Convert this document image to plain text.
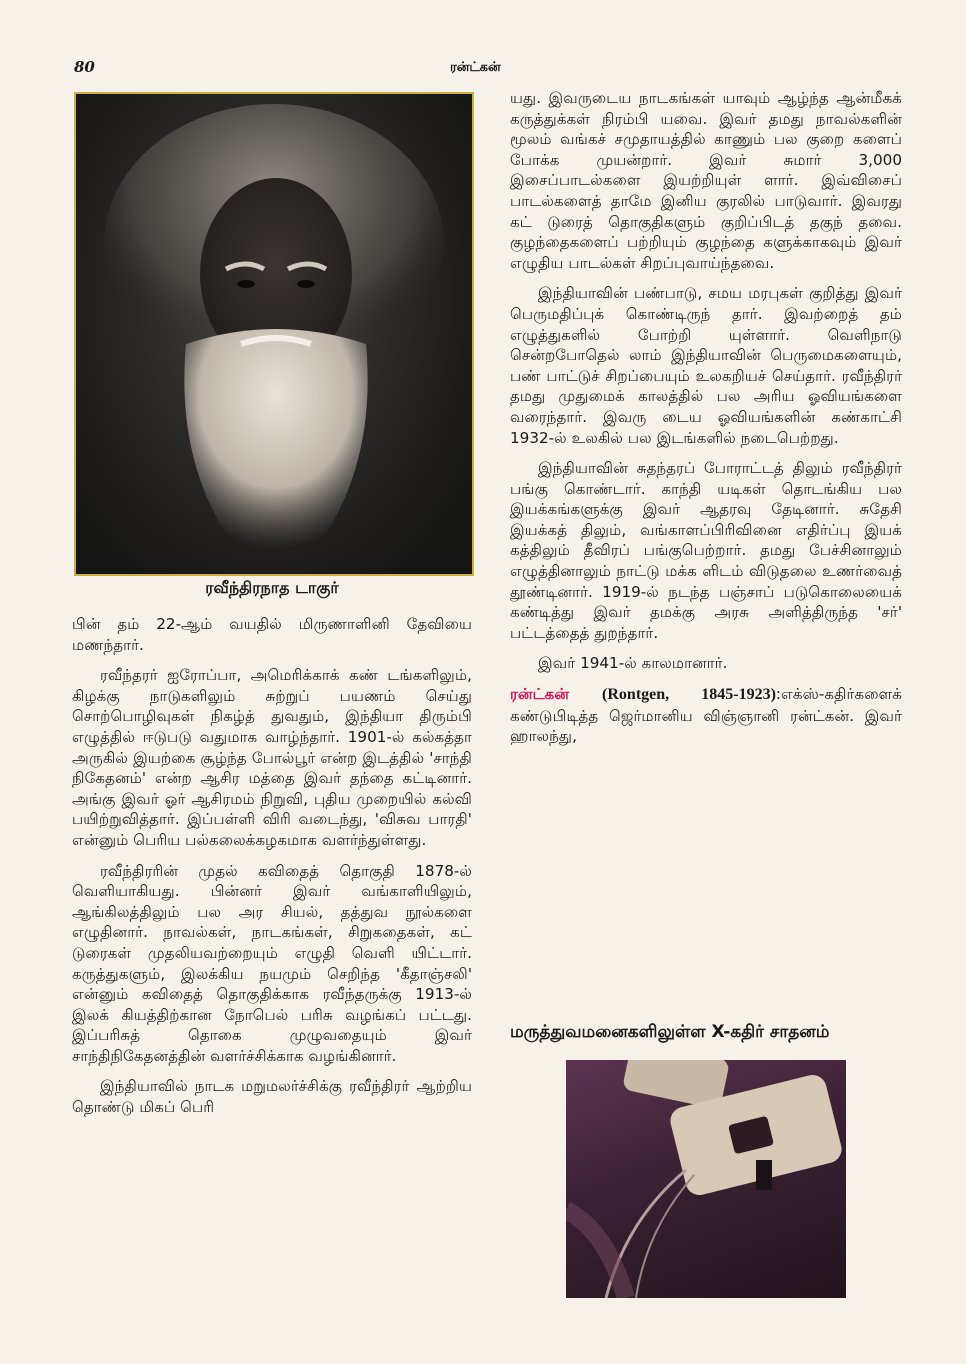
80	ரன்ட்கன்
ரவீந்திரநாத டாகுர்

பின் தம் 22-ஆம் வயதில் மிருணாளினி தேவியை மணந்தார்.

ரவீந்தரர் ஐரோப்பா, அமெரிக்காக் கண் டங்களிலும், கிழக்கு நாடுகளிலும் சுற்றுப் பயணம் செய்து சொற்பொழிவுகள் நிகழ்த் துவதும், இந்தியா திரும்பி எழுத்தில் ஈடுபடு வதுமாக வாழ்ந்தார். 1901-ல் கல்கத்தா அருகில் இயற்கை சூழ்ந்த போல்பூர் என்ற இடத்தில் 'சாந்தி நிகேதனம்' என்ற ஆசிர மத்தை இவர் தந்தை கட்டினார். அங்கு இவர் ஓர் ஆசிரமம் நிறுவி, புதிய முறையில் கல்வி பயிற்றுவித்தார். இப்பள்ளி விரி வடைந்து, 'விசுவ பாரதி' என்னும் பெரிய பல்கலைக்கழகமாக வளர்ந்துள்ளது.

ரவீந்திரரின் முதல் கவிதைத் தொகுதி 1878-ல் வெளியாகியது. பின்னர் இவர் வங்காளியிலும், ஆங்கிலத்திலும் பல அர சியல், தத்துவ நூல்களை எழுதினார். நாவல்கள், நாடகங்கள், சிறுகதைகள், கட் டுரைகள் முதலியவற்றையும் எழுதி வெளி யிட்டார். கருத்துகளும், இலக்கிய நயமும் செறிந்த 'கீதாஞ்சலி' என்னும் கவிதைத் தொகுதிக்காக ரவீந்தருக்கு 1913-ல் இலக் கியத்திற்கான நோபெல் பரிசு வழங்கப் பட்டது. இப்பரிசுத் தொகை முழுவதையும் இவர் சாந்திநிகேதனத்தின் வளர்ச்சிக்காக வழங்கினார்.

இந்தியாவில் நாடக மறுமலர்ச்சிக்கு ரவீந்திரர் ஆற்றிய தொண்டு மிகப் பெரி

யது. இவருடைய நாடகங்கள் யாவும் ஆழ்ந்த ஆன்மீகக் கருத்துக்கள் நிரம்பி யவை. இவர் தமது நாவல்களின் மூலம் வங்கச் சமுதாயத்தில் காணும் பல குறை களைப் போக்க முயன்றார். இவர் சுமார் 3,000 இசைப்பாடல்களை இயற்றியுள் ளார். இவ்விசைப் பாடல்களைத் தாமே இனிய குரலில் பாடுவார். இவரது கட் டுரைத் தொகுதிகளும் குறிப்பிடத் தகுந் தவை. குழந்தைகளைப் பற்றியும் குழந்தை களுக்காகவும் இவர் எழுதிய பாடல்கள் சிறப்புவாய்ந்தவை.

இந்தியாவின் பண்பாடு, சமய மரபுகள் குறித்து இவர் பெருமதிப்புக் கொண்டிருந் தார். இவற்றைத் தம் எழுத்துகளில் போற்றி யுள்ளார். வெளிநாடு சென்றபோதெல் லாம் இந்தியாவின் பெருமைகளையும், பண் பாட்டுச் சிறப்பையும் உலகறியச் செய்தார். ரவீந்திரர் தமது முதுமைக் காலத்தில் பல அரிய ஓவியங்களை வரைந்தார். இவரு டைய ஓவியங்களின் கண்காட்சி 1932-ல் உலகில் பல இடங்களில் நடைபெற்றது.

இந்தியாவின் சுதந்தரப் போராட்டத் திலும் ரவீந்திரர் பங்கு கொண்டார். காந்தி யடிகள் தொடங்கிய பல இயக்கங்களுக்கு இவர் ஆதரவு தேடினார். சுதேசி இயக்கத் திலும், வங்காளப்பிரிவினை எதிர்ப்பு இயக் கத்திலும் தீவிரப் பங்குபெற்றார். தமது பேச்சினாலும் எழுத்தினாலும் நாட்டு மக்க ளிடம் விடுதலை உணர்வைத் தூண்டினார். 1919-ல் நடந்த பஞ்சாப் படுகொலையைக் கண்டித்து இவர் தமக்கு அரசு அளித்திருந்த 'சர்' பட்டத்தைத் துறந்தார்.

இவர் 1941-ல் காலமானார்.

ரன்ட்கன் (Rontgen, 1845-1923):எக்ஸ்-கதிர்களைக் கண்டுபிடித்த ஜெர்மானிய விஞ்ஞானி ரன்ட்கன். இவர் ஹாலந்து,

மருத்துவமனைகளிலுள்ள X-கதிர் சாதனம்
